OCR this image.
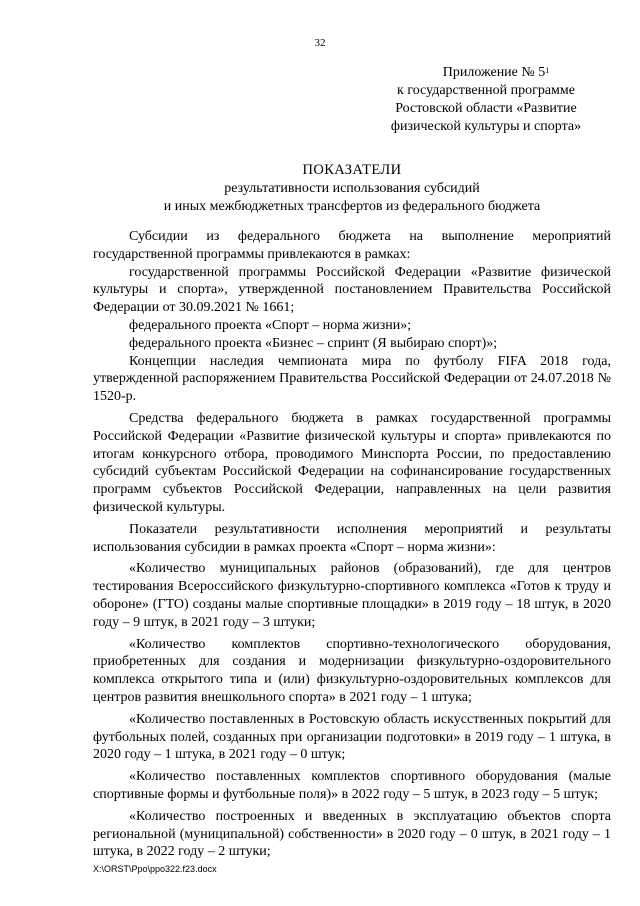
32
Приложение № $5^1$
к государственной программе
Ростовской области «Развитие
физической культуры и спорта»
ПОКАЗАТЕЛИ
результативности использования субсидий
и иных межбюджетных трансфертов из федерального бюджета

Субсидии из федерального бюджета на выполнение мероприятий государственной программы привлекаются в рамках:

государственной программы Российской Федерации «Развитие физической культуры и спорта», утвержденной постановлением Правительства Российской Федерации от 30.09.2021 № 1661;

федерального проекта «Спорт – норма жизни»;

федерального проекта «Бизнес – спринт (Я выбираю спорт)»;

Концепции наследия чемпионата мира по футболу FIFA 2018 года, утвержденной распоряжением Правительства Российской Федерации от 24.07.2018 № 1520-р.

Средства федерального бюджета в рамках государственной программы Российской Федерации «Развитие физической культуры и спорта» привлекаются по итогам конкурсного отбора, проводимого Минспорта России, по предоставлению субсидий субъектам Российской Федерации на софинансирование государственных программ субъектов Российской Федерации, направленных на цели развития физической культуры.

Показатели результативности исполнения мероприятий и результаты использования субсидии в рамках проекта «Спорт – норма жизни»:

«Количество муниципальных районов (образований), где для центров тестирования Всероссийского физкультурно-спортивного комплекса «Готов к труду и обороне» (ГТО) созданы малые спортивные площадки» в 2019 году – 18 штук, в 2020 году – 9 штук, в 2021 году – 3 штуки;

«Количество комплектов спортивно-технологического оборудования, приобретенных для создания и модернизации физкультурно-оздоровительного комплекса открытого типа и (или) физкультурно-оздоровительных комплексов для центров развития внешкольного спорта» в 2021 году – 1 штука;

«Количество поставленных в Ростовскую область искусственных покрытий для футбольных полей, созданных при организации подготовки» в 2019 году – 1 штука, в 2020 году – 1 штука, в 2021 году – 0 штук;

«Количество поставленных комплектов спортивного оборудования (малые спортивные формы и футбольные поля)» в 2022 году – 5 штук, в 2023 году – 5 штук;

«Количество построенных и введенных в эксплуатацию объектов спорта региональной (муниципальной) собственности» в 2020 году – 0 штук, в 2021 году – 1 штука, в 2022 году – 2 штуки;

X:\ORST\Ppo\ppo322.f23.docx
